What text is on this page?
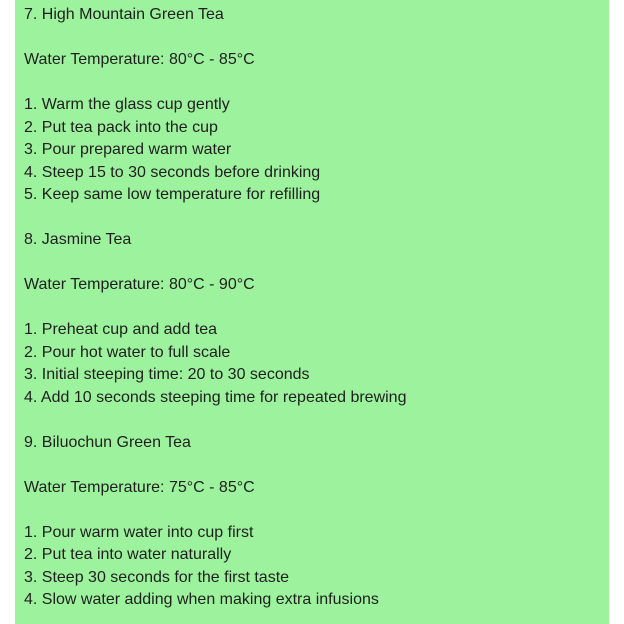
7. High Mountain Green Tea
Water Temperature: 80°C - 85°C
1. Warm the glass cup gently
2. Put tea pack into the cup
3. Pour prepared warm water
4. Steep 15 to 30 seconds before drinking
5. Keep same low temperature for refilling
8. Jasmine Tea
Water Temperature: 80°C - 90°C
1. Preheat cup and add tea
2. Pour hot water to full scale
3. Initial steeping time: 20 to 30 seconds
4. Add 10 seconds steeping time for repeated brewing
9. Biluochun Green Tea
Water Temperature: 75°C - 85°C
1. Pour warm water into cup first
2. Put tea into water naturally
3. Steep 30 seconds for the first taste
4. Slow water adding when making extra infusions
